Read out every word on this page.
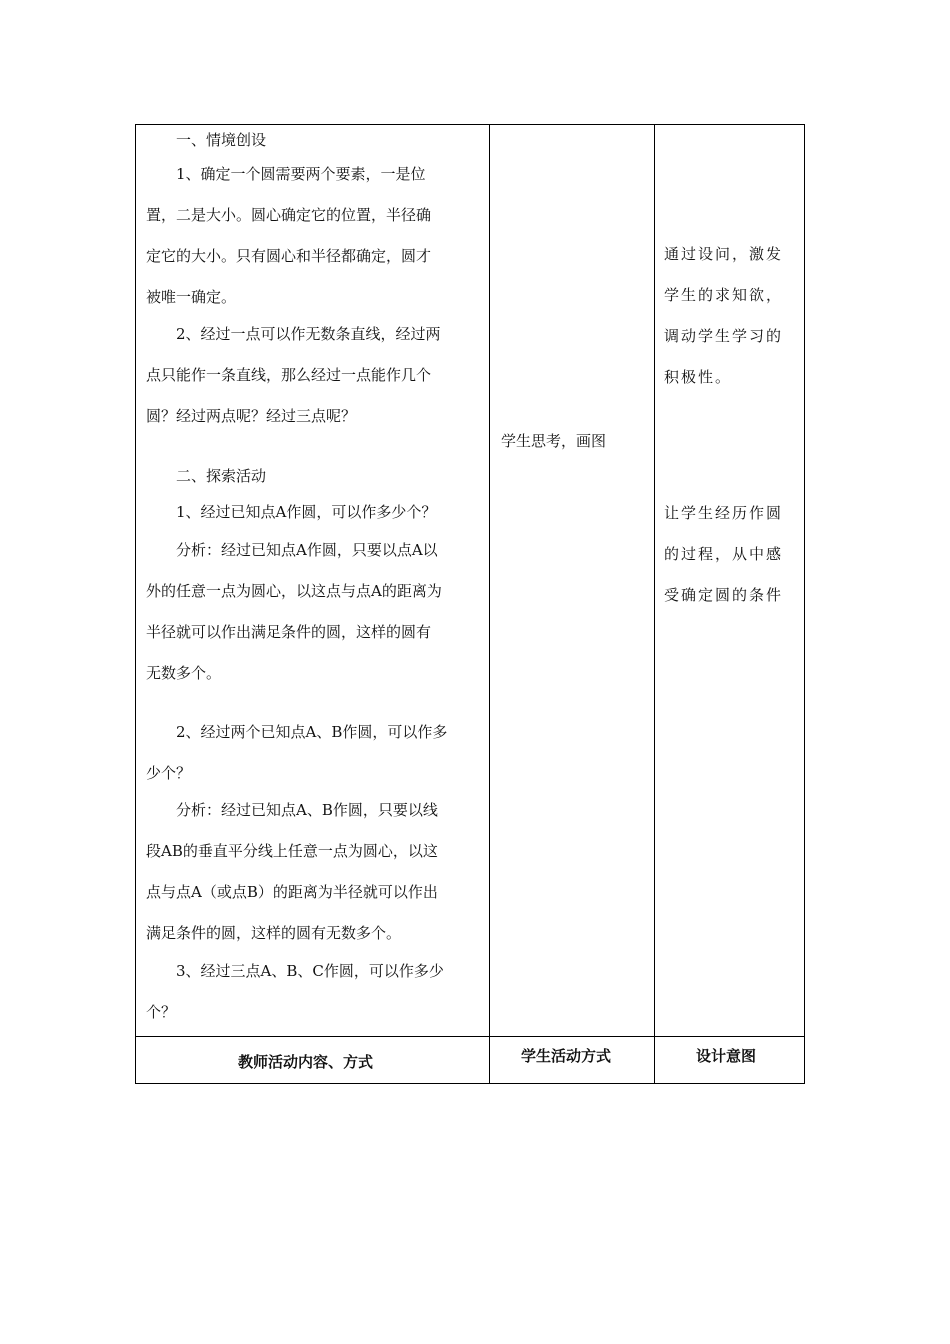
一、情境创设
1、确定一个圆需要两个要素，一是位
置，二是大小。圆心确定它的位置，半径确
定它的大小。只有圆心和半径都确定，圆才
被唯一确定。
2、经过一点可以作无数条直线，经过两
点只能作一条直线，那么经过一点能作几个
圆？经过两点呢？经过三点呢？
二、探索活动
1、经过已知点A作圆，可以作多少个？
分析：经过已知点A作圆，只要以点A以
外的任意一点为圆心，以这点与点A的距离为
半径就可以作出满足条件的圆，这样的圆有
无数多个。
2、经过两个已知点A、B作圆，可以作多
少个？
分析：经过已知点A、B作圆，只要以线
段AB的垂直平分线上任意一点为圆心，以这
点与点A（或点B）的距离为半径就可以作出
满足条件的圆，这样的圆有无数多个。
3、经过三点A、B、C作圆，可以作多少
个？
学生思考，画图
通过设问，激发
学生的求知欲，
调动学生学习的
积极性。
让学生经历作圆
的过程，从中感
受确定圆的条件
教师活动内容、方式	学生活动方式	设计意图
